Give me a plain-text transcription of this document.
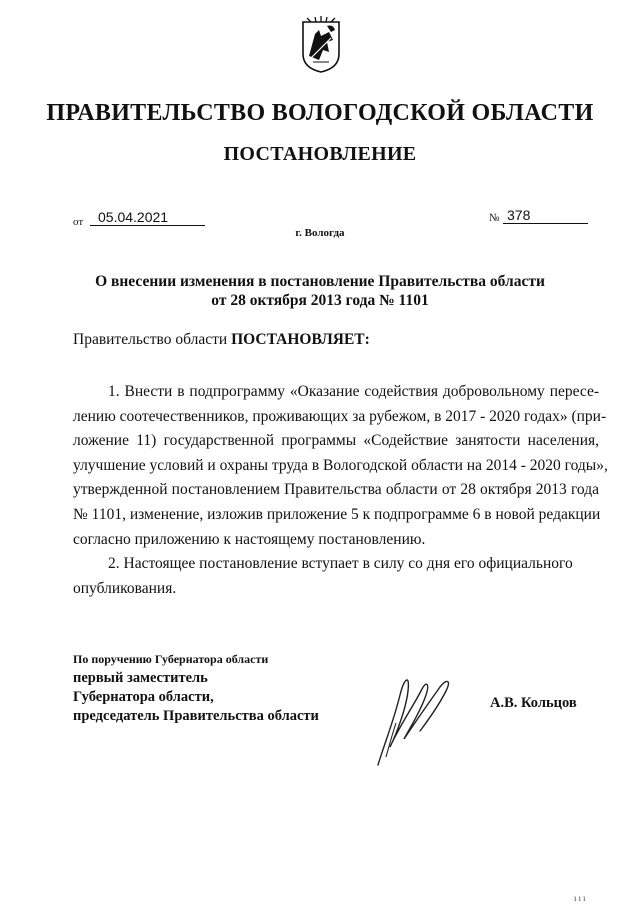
ПРАВИТЕЛЬСТВО ВОЛОГОДСКОЙ ОБЛАСТИ
ПОСТАНОВЛЕНИЕ
от	05.04.2021	№ 378
г. Вологда
О внесении изменения в постановление Правительства области
от 28 октября 2013 года № 1101
Правительство области ПОСТАНОВЛЯЕТ:
1. Внести в подпрограмму «Оказание содействия добровольному пересе-
лению соотечественников, проживающих за рубежом, в 2017 - 2020 годах» (при-
ложение 11) государственной программы «Содействие занятости населения,
улучшение условий и охраны труда в Вологодской области на 2014 - 2020 годы»,
утвержденной постановлением Правительства области от 28 октября 2013 года
№ 1101, изменение, изложив приложение 5 к подпрограмме 6 в новой редакции
согласно приложению к настоящему постановлению.
2. Настоящее постановление вступает в силу со дня его официального
опубликования.
По поручению Губернатора области
первый заместитель
Губернатора области,
председатель Правительства области
А.В. Кольцов
ııı
